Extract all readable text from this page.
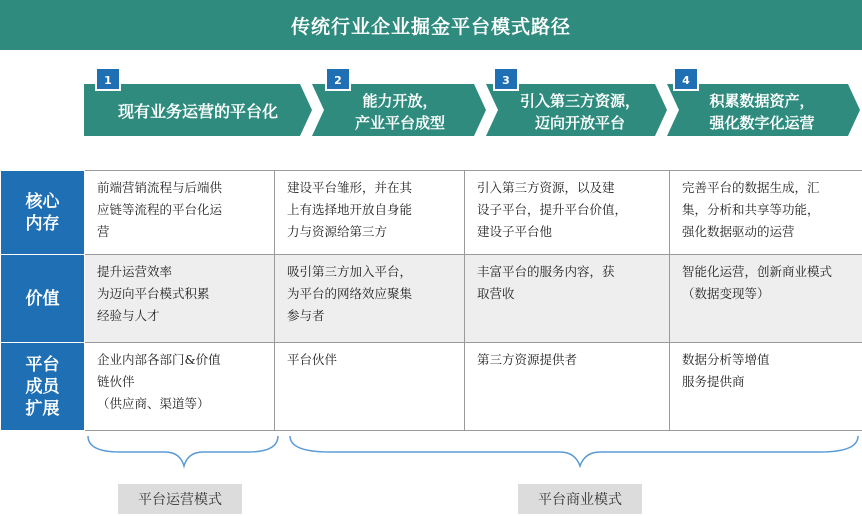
传统行业企业掘金平台模式路径
1
现有业务运营的平台化
2
能力开放，
产业平台成型
3
引入第三方资源，
迈向开放平台
4
积累数据资产，
强化数字化运营
核心
内存	前端营销流程与后端供
应链等流程的平台化运
营	建设平台雏形，并在其
上有选择地开放自身能
力与资源给第三方	引入第三方资源，以及建
设子平台，提升平台价值，
建设子平台他	完善平台的数据生成，汇
集，分析和共享等功能，
强化数据驱动的运营
价值	提升运营效率
为迈向平台模式积累
经验与人才	吸引第三方加入平台，
为平台的网络效应聚集
参与者	丰富平台的服务内容，获
取营收	智能化运营，创新商业模式
（数据变现等）
平台
成员
扩展	企业内部各部门&价值
链伙伴
（供应商、渠道等）	平台伙伴	第三方资源提供者	数据分析等增值
服务提供商
平台运营模式	平台商业模式
